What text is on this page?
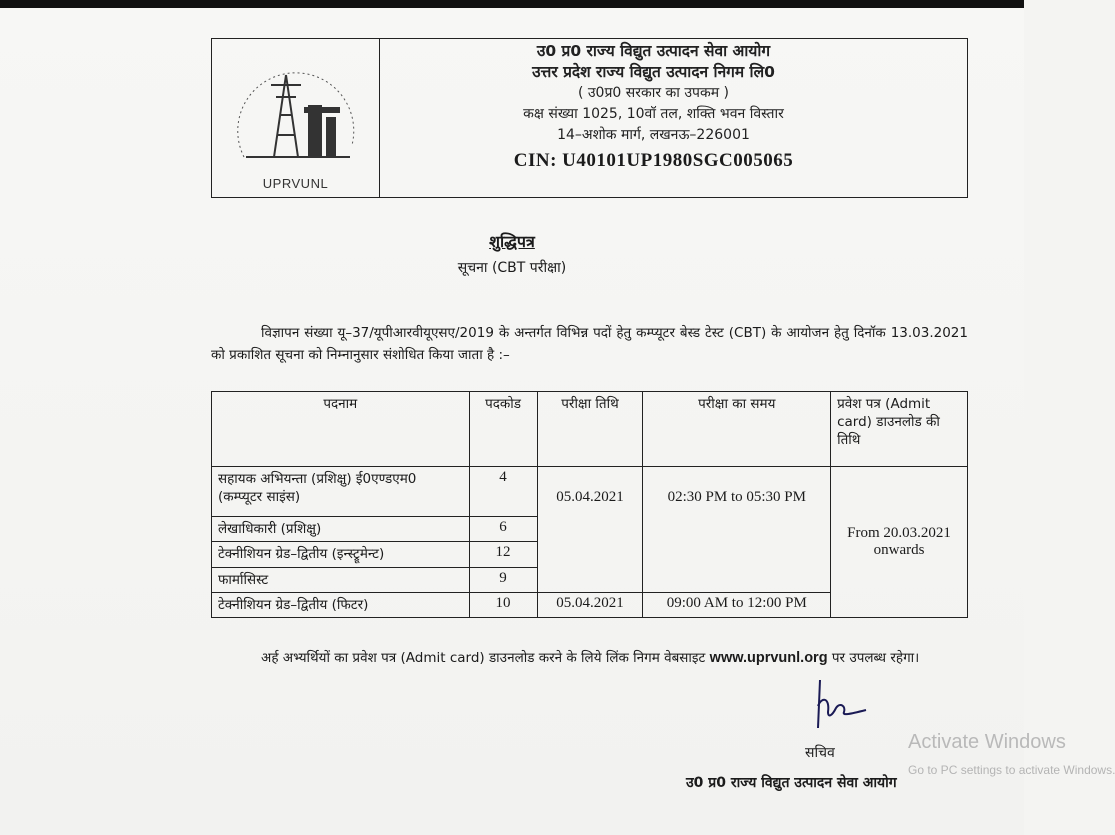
UPRVUNL
उ0 प्र0 राज्य विद्युत उत्पादन सेवा आयोग
उत्तर प्रदेश राज्य विद्युत उत्पादन निगम लि0
( उ0प्र0 सरकार का उपकम )
कक्ष संख्या 1025, 10वॉ तल, शक्ति भवन विस्तार
14–अशोक मार्ग, लखनऊ–226001
CIN: U40101UP1980SGC005065
शुद्धिपत्र
सूचना (CBT परीक्षा)
विज्ञापन संख्या यू–37/यूपीआरवीयूएसए/2019 के अन्तर्गत विभिन्न पदों हेतु कम्प्यूटर बेस्ड टेस्ट (CBT) के आयोजन हेतु दिनॉक 13.03.2021 को प्रकाशित सूचना को निम्नानुसार संशोधित किया जाता है :–
पदनाम	पदकोड	परीक्षा तिथि	परीक्षा का समय	प्रवेश पत्र (Admit card) डाउनलोड की तिथि
सहायक अभियन्ता (प्रशिक्षु) ई0एण्डएम0 (कम्प्यूटर साइंस)	4	05.04.2021	02:30 PM to 05:30 PM	From 20.03.2021
onwards

लेखाधिकारी (प्रशिक्षु)	6			
टेक्नीशियन ग्रेड–द्वितीय (इन्स्ट्रूमेन्ट)	12			
फार्मासिस्ट	9			
टेक्नीशियन ग्रेड–द्वितीय (फिटर)	10	05.04.2021	09:00 AM to 12:00 PM	
अर्ह अभ्यर्थियों का प्रवेश पत्र (Admit card) डाउनलोड करने के लिये लिंक निगम वेबसाइट www.uprvunl.org पर उपलब्ध रहेगा।
सचिव
उ0 प्र0 राज्य विद्युत उत्पादन सेवा आयोग
Activate Windows
Go to PC settings to activate Windows.
